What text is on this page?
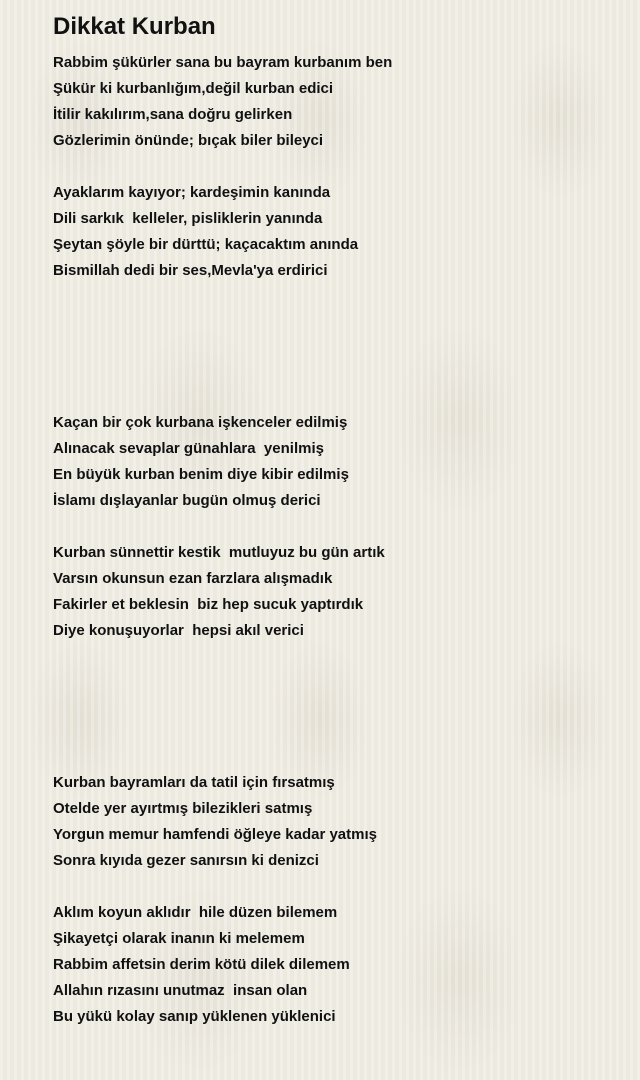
Dikkat Kurban
Rabbim şükürler sana bu bayram kurbanım ben
Şükür ki kurbanlığım,değil kurban edici
İtilir kakılırım,sana doğru gelirken
Gözlerimin önünde; bıçak biler bileyci
Ayaklarım kayıyor; kardeşimin kanında
Dili sarkık  kelleler, pisliklerin yanında
Şeytan şöyle bir dürttü; kaçacaktım anında
Bismillah dedi bir ses,Mevla'ya erdirici
Kaçan bir çok kurbana işkenceler edilmiş
Alınacak sevaplar günahlara  yenilmiş
En büyük kurban benim diye kibir edilmiş
İslamı dışlayanlar bugün olmuş derici
Kurban sünnettir kestik  mutluyuz bu gün artık
Varsın okunsun ezan farzlara alışmadık
Fakirler et beklesin  biz hep sucuk yaptırdık
Diye konuşuyorlar  hepsi akıl verici
Kurban bayramları da tatil için fırsatmış
Otelde yer ayırtmış bilezikleri satmış
Yorgun memur hamfendi öğleye kadar yatmış
Sonra kıyıda gezer sanırsın ki denizci
Aklım koyun aklıdır  hile düzen bilemem
Şikayetçi olarak inanın ki melemem
Rabbim affetsin derim kötü dilek dilemem
Allahın rızasını unutmaz  insan olan
Bu yükü kolay sanıp yüklenen yüklenici
